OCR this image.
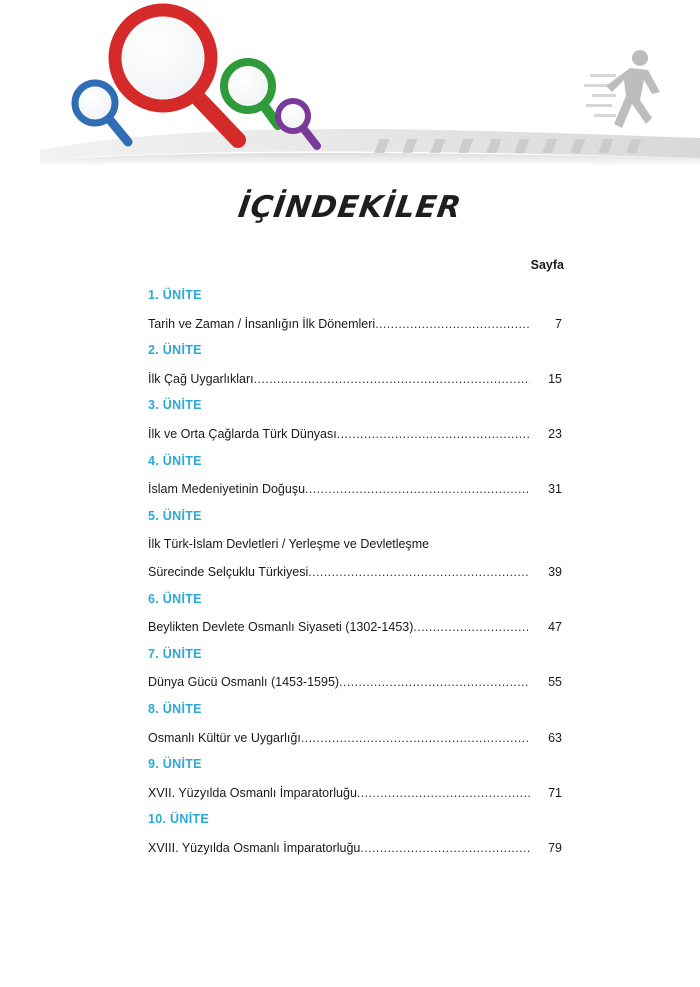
İÇİNDEKİLER
Sayfa
1. ÜNİTE
Tarih ve Zaman / İnsanlığın İlk Dönemleri .....	7
2. ÜNİTE
İlk Çağ Uygarlıkları .....	15
3. ÜNİTE
İlk ve Orta Çağlarda Türk Dünyası .....	23
4. ÜNİTE
İslam Medeniyetinin Doğuşu .....	31
5. ÜNİTE
İlk Türk-İslam Devletleri / Yerleşme ve Devletleşme
Sürecinde Selçuklu Türkiyesi .....	39
6. ÜNİTE
Beylikten Devlete Osmanlı Siyaseti (1302-1453) .....	47
7. ÜNİTE
Dünya Gücü Osmanlı (1453-1595) .....	55
8. ÜNİTE
Osmanlı Kültür ve Uygarlığı .....	63
9. ÜNİTE
XVII. Yüzyılda Osmanlı İmparatorluğu .....	71
10. ÜNİTE
XVIII. Yüzyılda Osmanlı İmparatorluğu .....	79
